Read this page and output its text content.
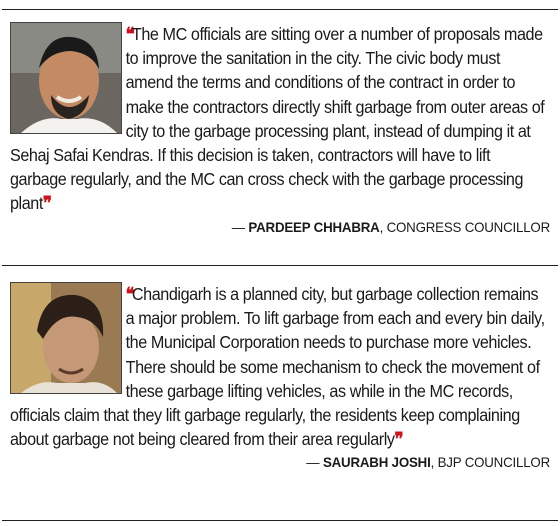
❝The MC officials are sitting over a number of proposals made to improve the sanitation in the city. The civic body must amend the terms and conditions of the contract in order to make the contractors directly shift garbage from outer areas of city to the garbage processing plant, instead of dumping it at Sehaj Safai Kendras. If this decision is taken, contractors will have to lift garbage regularly, and the MC can cross check with the garbage processing plant❞

— PARDEEP CHHABRA, CONGRESS COUNCILLOR

❝Chandigarh is a planned city, but garbage collection remains a major problem. To lift garbage from each and every bin daily, the Municipal Corporation needs to purchase more vehicles. There should be some mechanism to check the movement of these garbage lifting vehicles, as while in the MC records, officials claim that they lift garbage regularly, the residents keep complaining about garbage not being cleared from their area regularly❞

— SAURABH JOSHI, BJP COUNCILLOR
